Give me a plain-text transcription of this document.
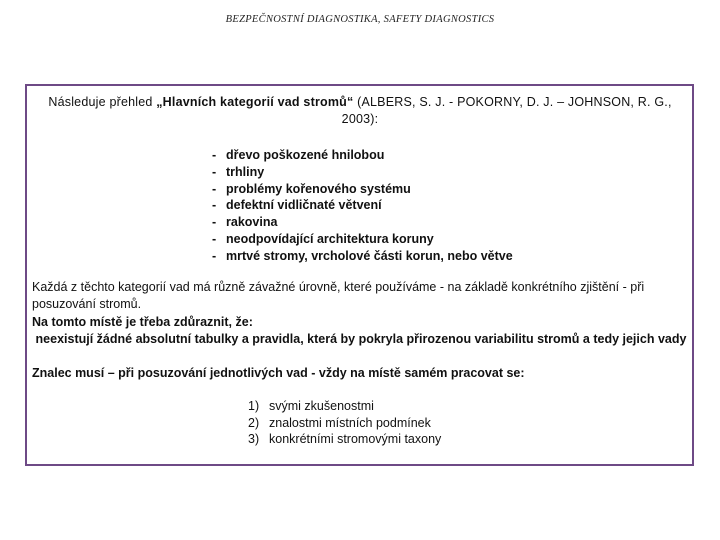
BEZPEČNOSTNÍ DIAGNOSTIKA, SAFETY DIAGNOSTICS
Následuje přehled „Hlavních kategorií vad stromů“ (ALBERS, S. J. - POKORNY, D. J. – JOHNSON, R. G., 2003):
- dřevo poškozené hnilobou
- trhliny
- problémy kořenového systému
- defektní vidličnaté větvení
- rakovina
- neodpovídající architektura koruny
- mrtvé stromy, vrcholové části korun, nebo větve
Každá z těchto kategorií vad má různě závažné úrovně, které používáme - na základě konkrétního zjištění - při posuzování stromů.
Na tomto místě je třeba zdůraznit, že:
neexistují žádné absolutní tabulky a pravidla, která by pokryla přirozenou variabilitu stromů a tedy jejich vady
Znalec musí – při posuzování jednotlivých vad - vždy na místě samém pracovat se:
1) svými zkušenostmi
2) znalostmi místních podmínek
3) konkrétními stromovými taxony
